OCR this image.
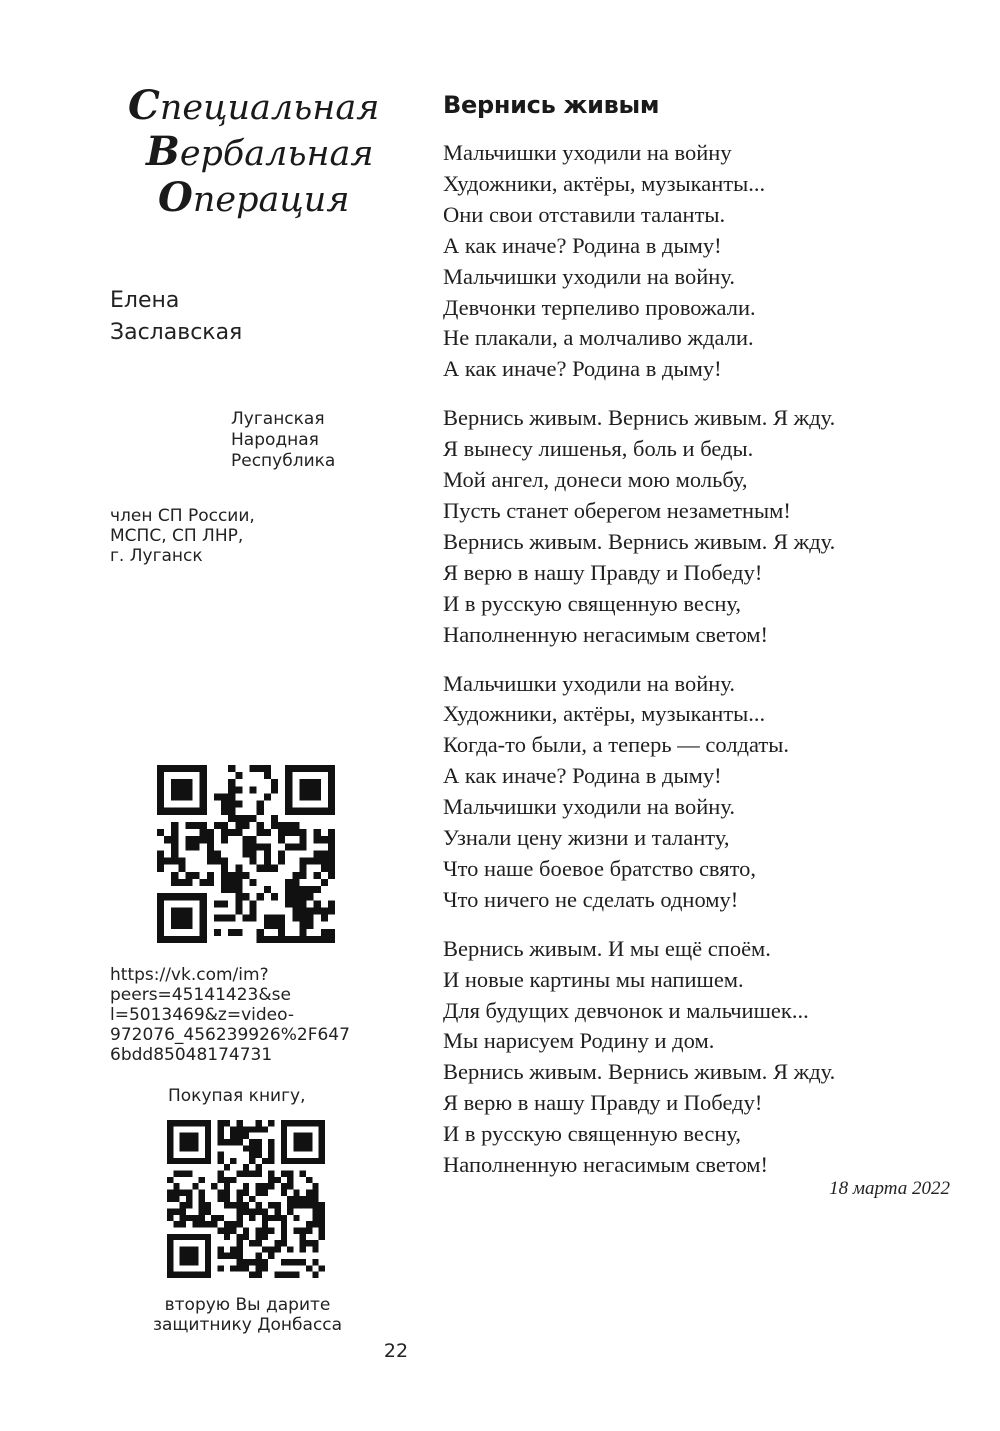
Специальная
Вербальная
Операция
Елена
Заславская
Луганская
Народная
Республика
член СП России,
МСПС, СП ЛНР,
г. Луганск
https://vk.com/im?
peers=45141423&se
l=5013469&z=video-
972076_456239926%2F647
6bdd85048174731
Покупая книгу,
вторую Вы дарите
защитнику Донбасса
22
Вернись живым
Мальчишки уходили на войну
Художники, актёры, музыканты...
Они свои отставили таланты.
А как иначе? Родина в дыму!
Мальчишки уходили на войну.
Девчонки терпеливо провожали.
Не плакали, а молчаливо ждали.
А как иначе? Родина в дыму!
Вернись живым. Вернись живым. Я жду.
Я вынесу лишенья, боль и беды.
Мой ангел, донеси мою мольбу,
Пусть станет оберегом незаметным!
Вернись живым. Вернись живым. Я жду.
Я верю в нашу Правду и Победу!
И в русскую священную весну,
Наполненную негасимым светом!
Мальчишки уходили на войну.
Художники, актёры, музыканты...
Когда-то были, а теперь — солдаты.
А как иначе? Родина в дыму!
Мальчишки уходили на войну.
Узнали цену жизни и таланту,
Что наше боевое братство свято,
Что ничего не сделать одному!
Вернись живым. И мы ещё споём.
И новые картины мы напишем.
Для будущих девчонок и мальчишек...
Мы нарисуем Родину и дом.
Вернись живым. Вернись живым. Я жду.
Я верю в нашу Правду и Победу!
И в русскую священную весну,
Наполненную негасимым светом!
18 марта 2022
